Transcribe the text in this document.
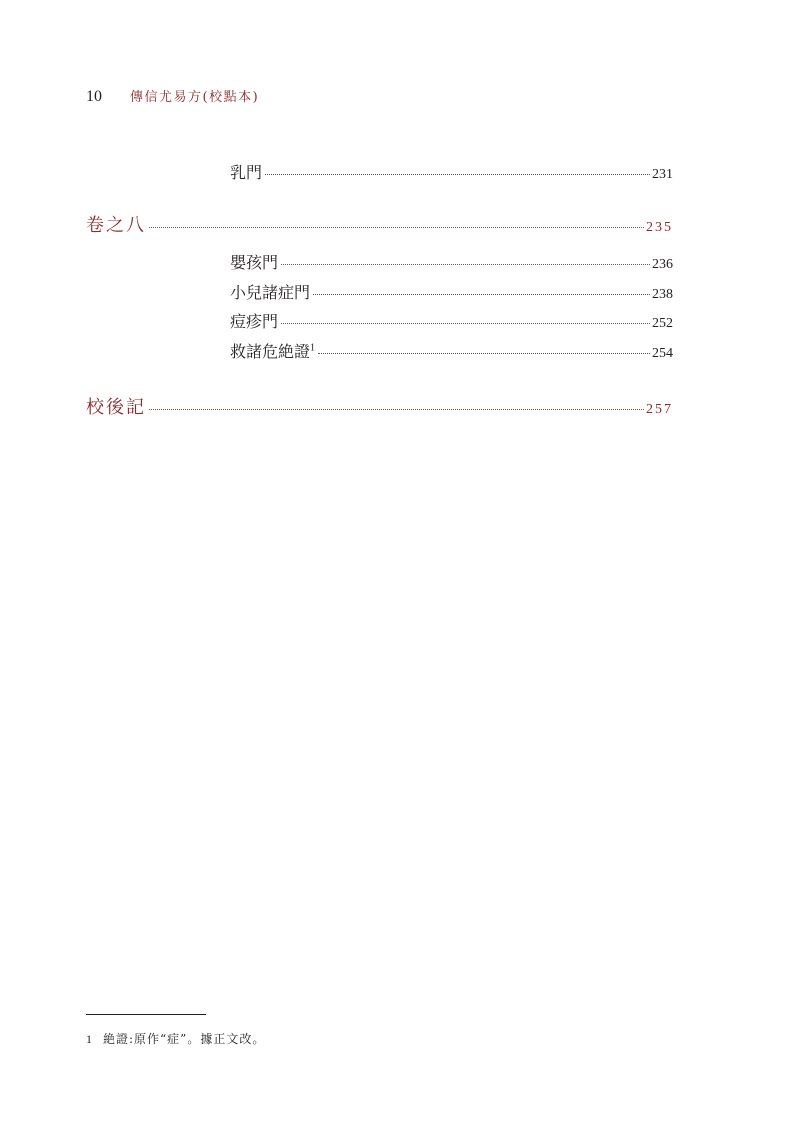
10 傳信尤易方(校點本)
乳門	231
卷之八	235
嬰孩門	236
小兒諸症門	238
痘疹門	252
救諸危絶證$^1$	254
校後記	257
1 絶證:原作“症”。據正文改。
